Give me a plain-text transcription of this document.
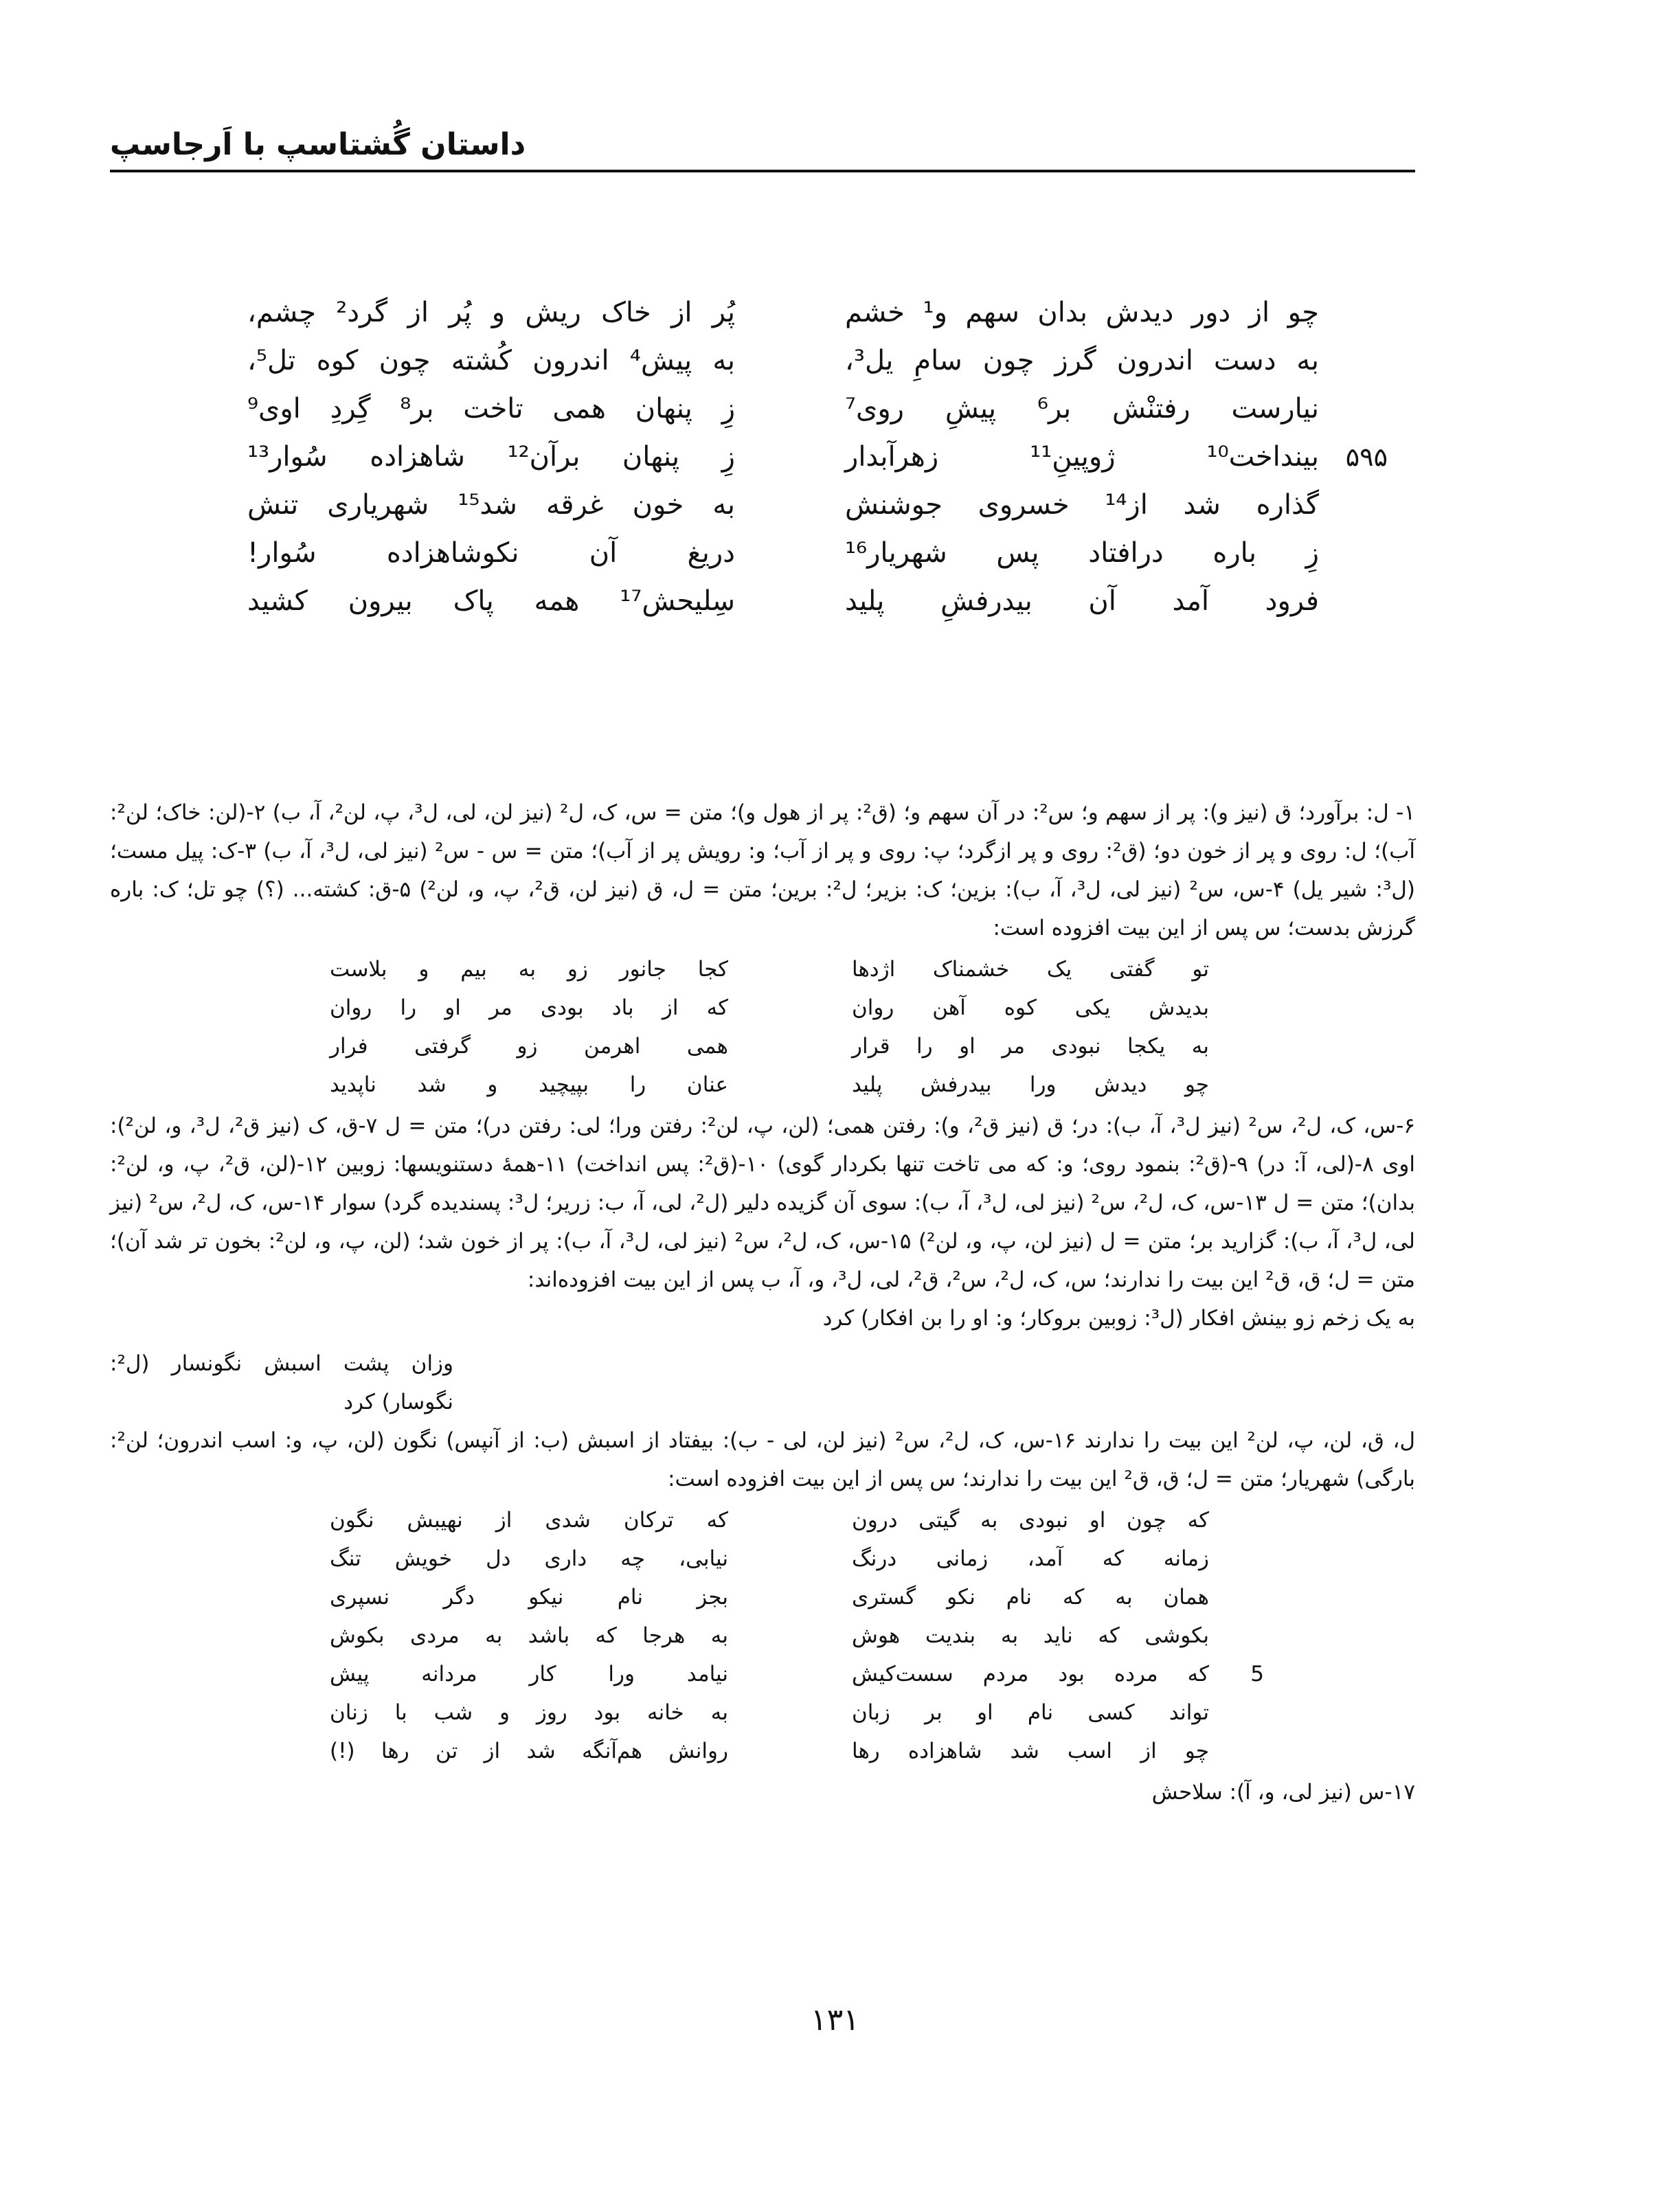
داستان گُشتاسپ با اَرجاسپ
چو از دور دیدش بدان سهم و¹ خشم
پُر از خاک ریش و پُر از گرد² چشم،
به دست اندرون گرز چون سامِ یل³،
به پیش⁴ اندرون کُشته چون کوه تل⁵،
نیارست رفتنْش بر⁶ پیشِ روی⁷
زِ پنهان همی تاخت بر⁸ گِردِ اوی⁹
۵۹۵
بینداخت¹⁰ ژوپینِ¹¹ زهرآبدار
زِ پنهان برآن¹² شاهزاده سُوار¹³
گذاره شد از¹⁴ خسروی جوشنش
به خون غرقه شد¹⁵ شهریاری تنش
زِ باره درافتاد پس شهریار¹⁶
دریغ آن نکوشاهزاده سُوار!
فرود آمد آن بیدرفشِ پلید
سِلیحش¹⁷ همه پاک بیرون کشید

۱- ل: برآورد؛ ق (نیز و): پر از سهم و؛ س²: در آن سهم و؛ (ق²: پر از هول و)؛ متن = س، ک، ل² (نیز لن، لی، ل³، پ، لن²، آ، ب) ۲-(لن: خاک؛ لن²: آب)؛ ل: روی و پر از خون دو؛ (ق²: روی و پر ازگرد؛ پ: روی و پر از آب؛ و: رویش پر از آب)؛ متن = س - س² (نیز لی، ل³، آ، ب) ۳-ک: پیل مست؛ (ل³: شیر یل) ۴-س، س² (نیز لی، ل³، آ، ب): بزین؛ ک: بزیر؛ ل²: برین؛ متن = ل، ق (نیز لن، ق²، پ، و، لن²) ۵-ق: کشته... (؟) چو تل؛ ک: باره گرزش بدست؛ س پس از این بیت افزوده است:

تو گفتی یک خشمناک اژدها
کجا جانور زو به بیم و بلاست
بدیدش یکی کوه آهن روان
که از باد بودی مر او را روان
به یکجا نبودی مر او را قرار
همی اهرمن زو گرفتی فرار
چو دیدش ورا بیدرفش پلید
عنان را بپیچید و شد ناپدید

۶-س، ک، ل²، س² (نیز ل³، آ، ب): در؛ ق (نیز ق²، و): رفتن همی؛ (لن، پ، لن²: رفتن ورا؛ لی: رفتن در)؛ متن = ل ۷-ق، ک (نیز ق²، ل³، و، لن²): اوی ۸-(لی، آ: در) ۹-(ق²: بنمود روی؛ و: که می تاخت تنها بکردار گوی) ۱۰-(ق²: پس انداخت) ۱۱-همهٔ دستنویسها: زوبین ۱۲-(لن، ق²، پ، و، لن²: بدان)؛ متن = ل ۱۳-س، ک، ل²، س² (نیز لی، ل³، آ، ب): سوی آن گزیده دلیر (ل²، لی، آ، ب: زریر؛ ل³: پسندیده گرد) سوار ۱۴-س، ک، ل²، س² (نیز لی، ل³، آ، ب): گزارید بر؛ متن = ل (نیز لن، پ، و، لن²) ۱۵-س، ک، ل²، س² (نیز لی، ل³، آ، ب): پر از خون شد؛ (لن، پ، و، لن²: بخون تر شد آن)؛ متن = ل؛ ق، ق² این بیت را ندارند؛ س، ک، ل²، س²، ق²، لی، ل³، و، آ، ب پس از این بیت افزوده‌اند:

به یک زخم زو بینش افکار (ل³: زوبین بروکار؛ و: او را بن افکار) کرد
وزان پشت اسبش نگونسار (ل²: نگوسار) کرد

ل، ق، لن، پ، لن² این بیت را ندارند ۱۶-س، ک، ل²، س² (نیز لن، لی - ب): بیفتاد از اسبش (ب: از آنپس) نگون (لن، پ، و: اسب اندرون؛ لن²: بارگی) شهریار؛ متن = ل؛ ق، ق² این بیت را ندارند؛ س پس از این بیت افزوده است:

که چون او نبودی به گیتی درون
که ترکان شدی از نهیبش نگون
زمانه که آمد، زمانی درنگ
نیابی، چه داری دل خویش تنگ
همان به که نام نکو گستری
بجز نام نیکو دگر نسپری
بکوشی که ناید به بندیت هوش
به هرجا که باشد به مردی بکوش
5
که مرده بود مردم سست‌کیش
نیامد ورا کار مردانه پیش
تواند کسی نام او بر زبان
به خانه بود روز و شب با زنان
چو از اسب شد شاهزاده رها
روانش هم‌آنگه شد از تن رها (!)

۱۷-س (نیز لی، و، آ): سلاحش

۱۳۱
